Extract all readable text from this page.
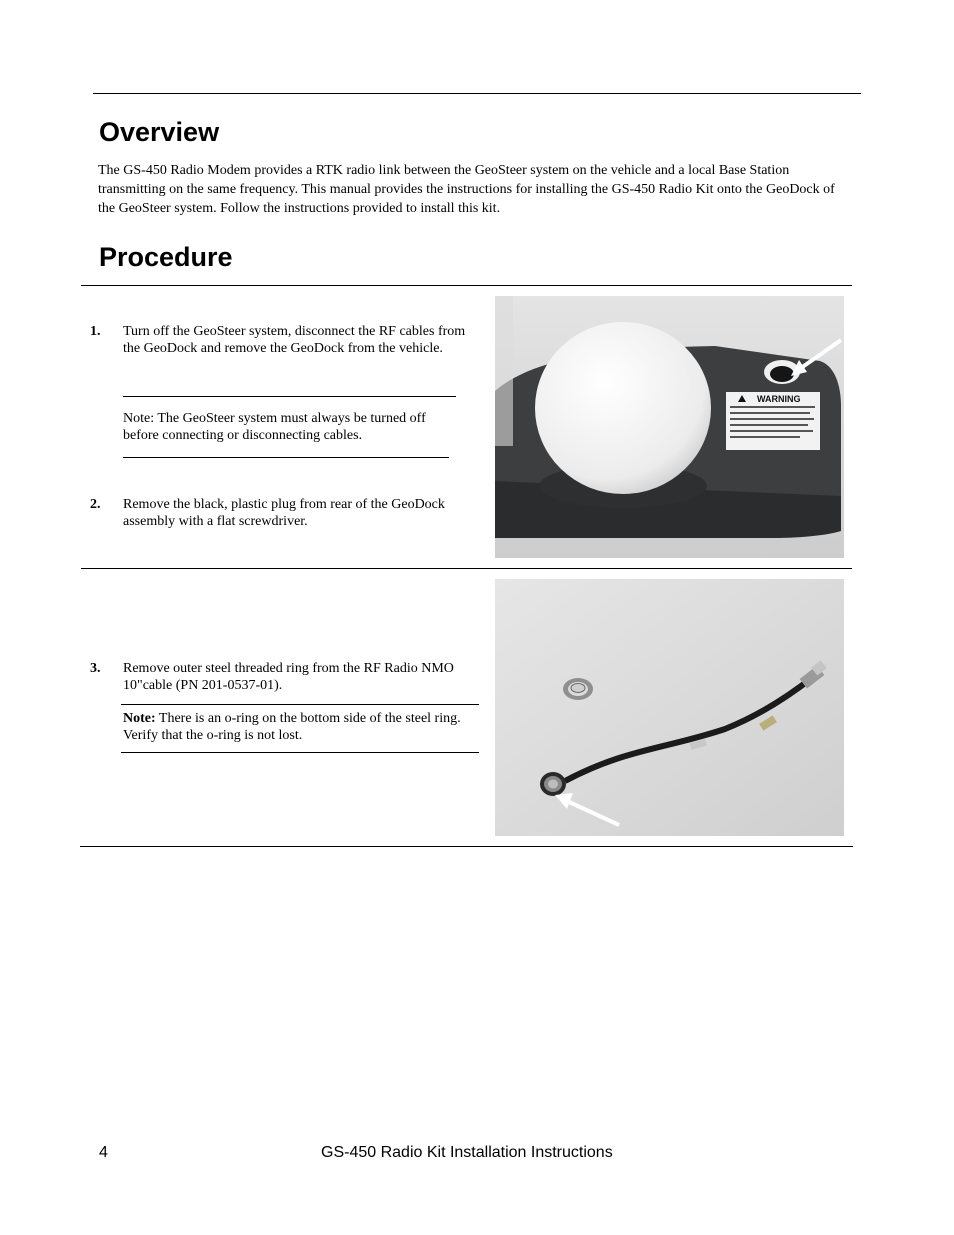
Overview
The GS-450 Radio Modem provides a RTK radio link between the GeoSteer system on the vehicle and a local Base Station transmitting on the same frequency. This manual provides the instructions for installing the GS-450 Radio Kit onto the GeoDock of the GeoSteer system. Follow the instructions provided to install this kit.
Procedure
1. Turn off the GeoSteer system, disconnect the RF cables from the GeoDock and remove the GeoDock from the vehicle.
Note: The GeoSteer system must always be turned off before connecting or disconnecting cables.
2. Remove the black, plastic plug from rear of the GeoDock assembly with a flat screwdriver.
WARNING
3. Remove outer steel threaded ring from the RF Radio NMO 10"cable (PN 201-0537-01).
Note: There is an o-ring on the bottom side of the steel ring. Verify that the o-ring is not lost.
4	GS-450 Radio Kit Installation Instructions
